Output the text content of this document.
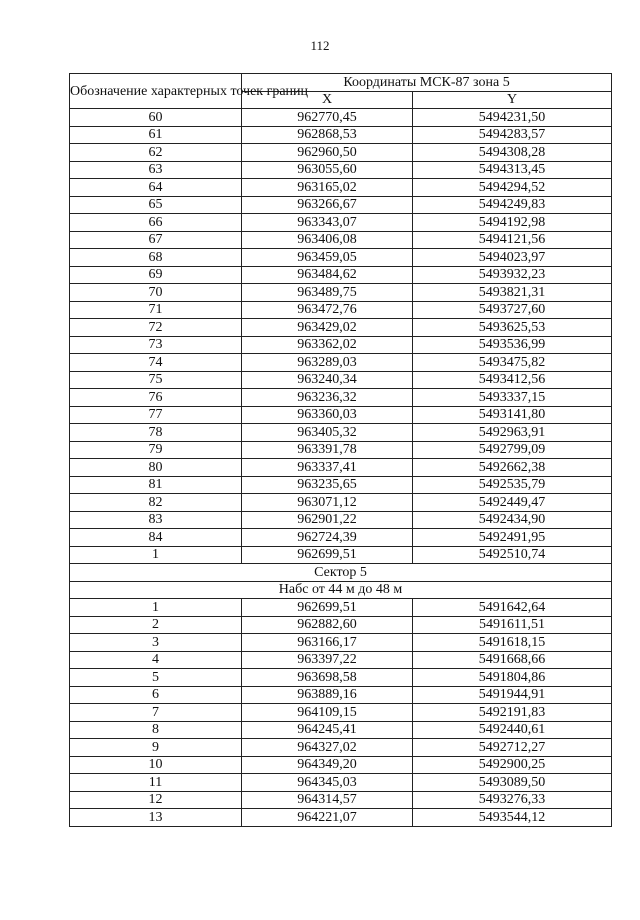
112
Обозначение характерных точек границ	Координаты МСК-87 зона 5	
	X	Y
60	962770,45	5494231,50
61	962868,53	5494283,57
62	962960,50	5494308,28
63	963055,60	5494313,45
64	963165,02	5494294,52
65	963266,67	5494249,83
66	963343,07	5494192,98
67	963406,08	5494121,56
68	963459,05	5494023,97
69	963484,62	5493932,23
70	963489,75	5493821,31
71	963472,76	5493727,60
72	963429,02	5493625,53
73	963362,02	5493536,99
74	963289,03	5493475,82
75	963240,34	5493412,56
76	963236,32	5493337,15
77	963360,03	5493141,80
78	963405,32	5492963,91
79	963391,78	5492799,09
80	963337,41	5492662,38
81	963235,65	5492535,79
82	963071,12	5492449,47
83	962901,22	5492434,90
84	962724,39	5492491,95
1	962699,51	5492510,74
Сектор 5		
Набс от 44 м до 48 м		
1	962699,51	5491642,64
2	962882,60	5491611,51
3	963166,17	5491618,15
4	963397,22	5491668,66
5	963698,58	5491804,86
6	963889,16	5491944,91
7	964109,15	5492191,83
8	964245,41	5492440,61
9	964327,02	5492712,27
10	964349,20	5492900,25
11	964345,03	5493089,50
12	964314,57	5493276,33
13	964221,07	5493544,12
